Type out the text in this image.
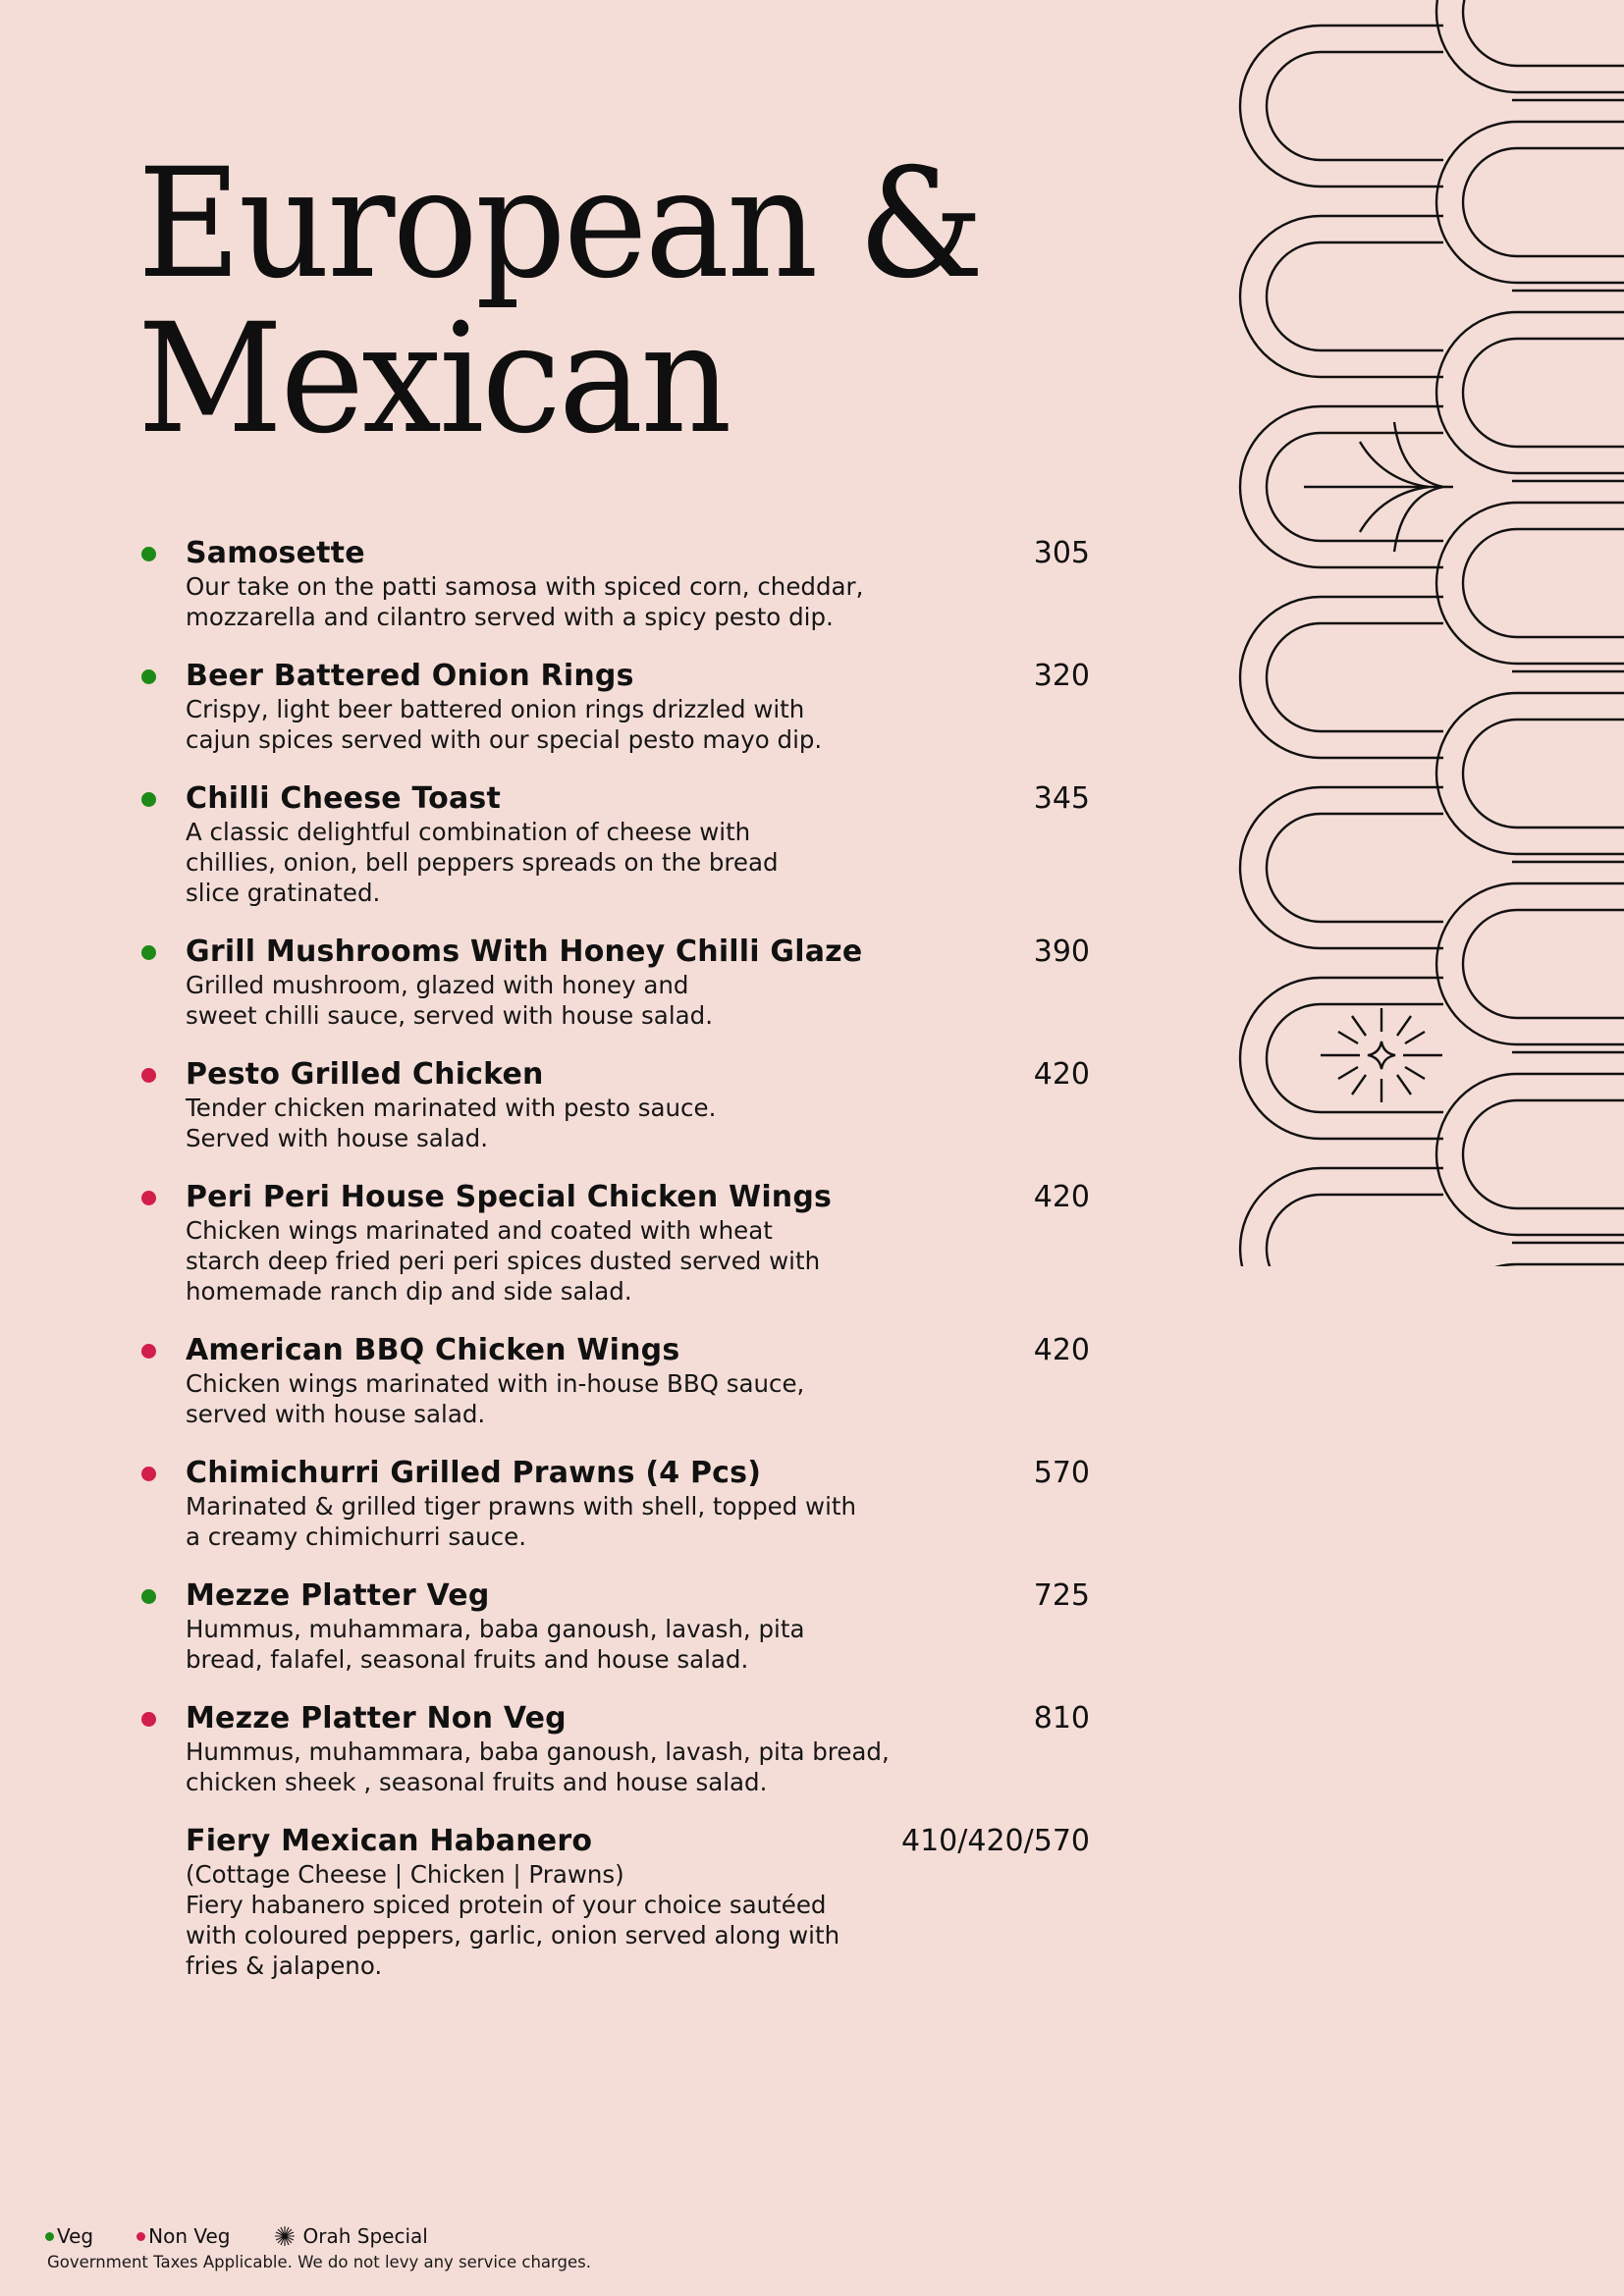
European &
Mexican
Samosette	305
Our take on the patti samosa with spiced corn, cheddar,
mozzarella and cilantro served with a spicy pesto dip.
Beer Battered Onion Rings	320
Crispy, light beer battered onion rings drizzled with
cajun spices served with our special pesto mayo dip.
Chilli Cheese Toast	345
A classic delightful combination of cheese with
chillies, onion, bell peppers spreads on the bread
slice gratinated.
Grill Mushrooms With Honey Chilli Glaze	390
Grilled mushroom, glazed with honey and
sweet chilli sauce, served with house salad.
Pesto Grilled Chicken	420
Tender chicken marinated with pesto sauce.
Served with house salad.
Peri Peri House Special Chicken Wings	420
Chicken wings marinated and coated with wheat
starch deep fried peri peri spices dusted served with
homemade ranch dip and side salad.
American BBQ Chicken Wings	420
Chicken wings marinated with in-house BBQ sauce,
served with house salad.
Chimichurri Grilled Prawns (4 Pcs)	570
Marinated & grilled tiger prawns with shell, topped with
a creamy chimichurri sauce.
Mezze Platter Veg	725
Hummus, muhammara, baba ganoush, lavash, pita
bread, falafel, seasonal fruits and house salad.
Mezze Platter Non Veg	810
Hummus, muhammara, baba ganoush, lavash, pita bread,
chicken sheek , seasonal fruits and house salad.
Fiery Mexican Habanero	410/420/570
(Cottage Cheese | Chicken | Prawns)
Fiery habanero spiced protein of your choice sautéed
with coloured peppers, garlic, onion served along with
fries & jalapeno.
Veg	Non Veg	Orah Special
Government Taxes Applicable. We do not levy any service charges.
